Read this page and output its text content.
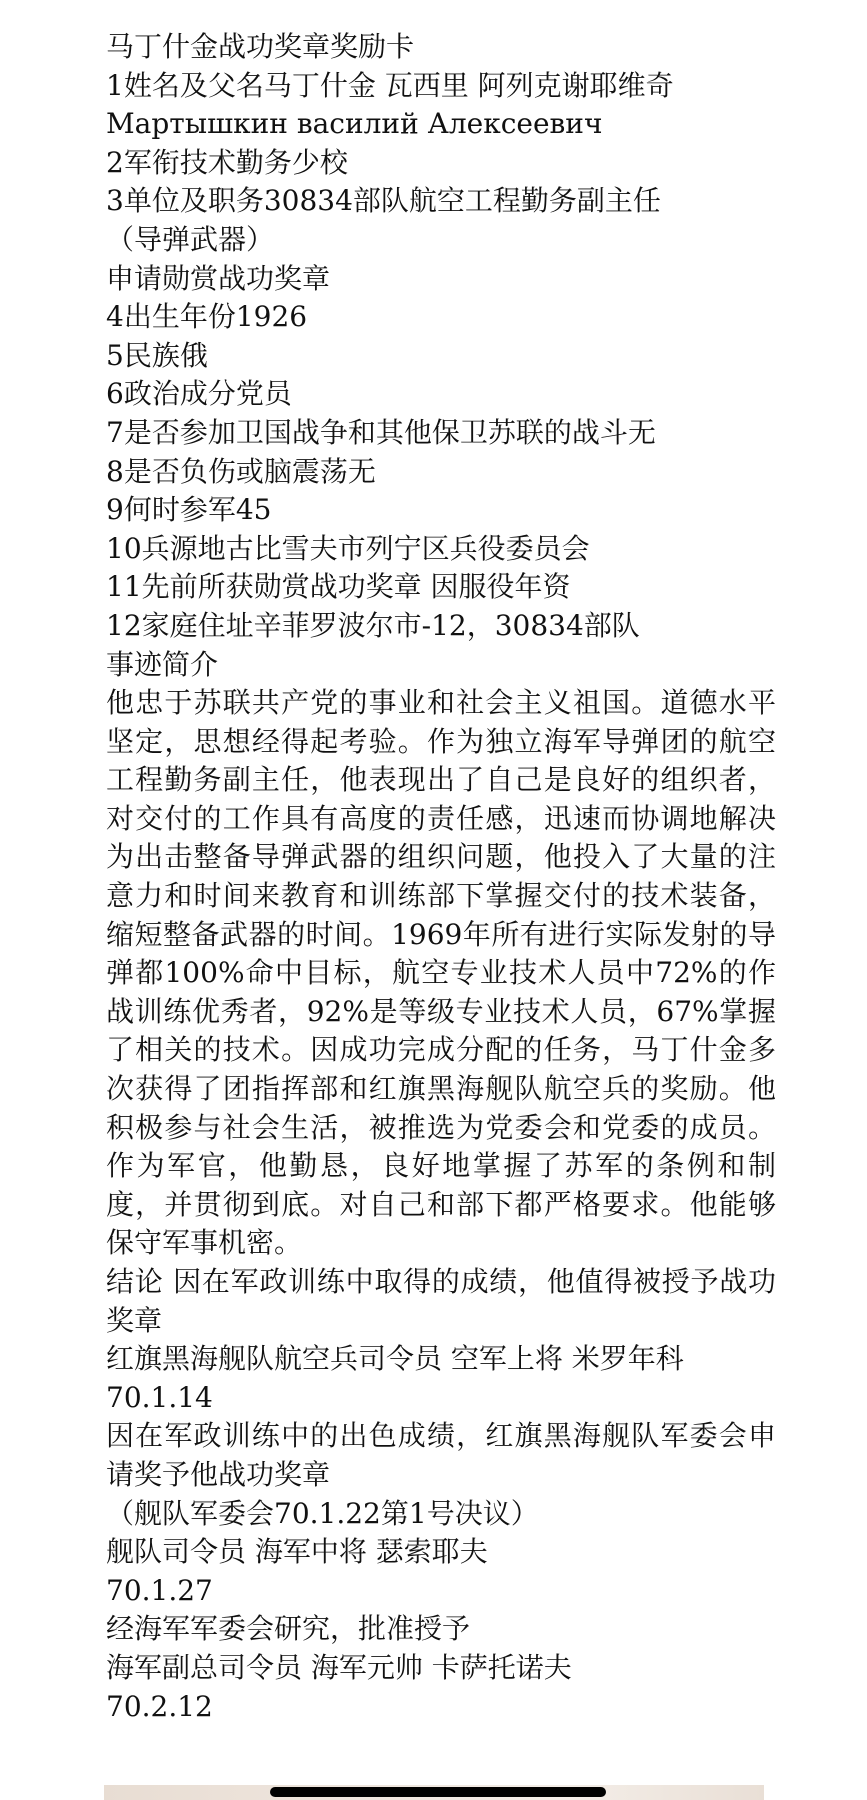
马丁什金战功奖章奖励卡
1姓名及父名马丁什金 瓦西里 阿列克谢耶维奇
Мартышкин василий Алексеевич
2军衔技术勤务少校
3单位及职务30834部队航空工程勤务副主任
（导弹武器）
申请勋赏战功奖章
4出生年份1926
5民族俄
6政治成分党员
7是否参加卫国战争和其他保卫苏联的战斗无
8是否负伤或脑震荡无
9何时参军45
10兵源地古比雪夫市列宁区兵役委员会
11先前所获勋赏战功奖章 因服役年资
12家庭住址辛菲罗波尔市-12，30834部队
事迹简介
他忠于苏联共产党的事业和社会主义祖国。道德水平坚定，思想经得起考验。作为独立海军导弹团的航空工程勤务副主任，他表现出了自己是良好的组织者，对交付的工作具有高度的责任感，迅速而协调地解决为出击整备导弹武器的组织问题，他投入了大量的注意力和时间来教育和训练部下掌握交付的技术装备，缩短整备武器的时间。1969年所有进行实际发射的导弹都100%命中目标，航空专业技术人员中72%的作战训练优秀者，92%是等级专业技术人员，67%掌握了相关的技术。因成功完成分配的任务，马丁什金多次获得了团指挥部和红旗黑海舰队航空兵的奖励。他积极参与社会生活，被推选为党委会和党委的成员。作为军官，他勤恳，良好地掌握了苏军的条例和制度，并贯彻到底。对自己和部下都严格要求。他能够保守军事机密。
结论 因在军政训练中取得的成绩，他值得被授予战功奖章
红旗黑海舰队航空兵司令员 空军上将 米罗年科
70.1.14
因在军政训练中的出色成绩，红旗黑海舰队军委会申请奖予他战功奖章
（舰队军委会70.1.22第1号决议）
舰队司令员 海军中将 瑟索耶夫
70.1.27
经海军军委会研究，批准授予
海军副总司令员 海军元帅 卡萨托诺夫
70.2.12
